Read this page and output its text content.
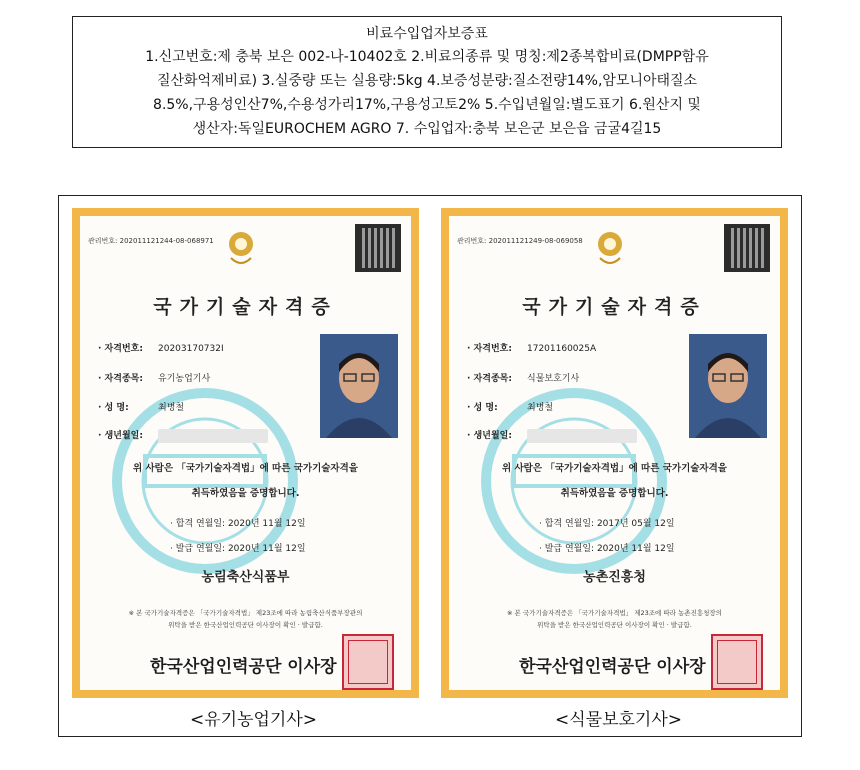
비료수입업자보증표
1.신고번호:제 충북 보은 002-나-10402호 2.비료의종류 및 명칭:제2종복합비료(DMPP함유
질산화억제비료) 3.실중량 또는 실용량:5kg 4.보증성분량:질소전량14%,암모니아태질소
8.5%,구용성인산7%,수용성가리17%,구용성고토2% 5.수입년월일:별도표기 6.원산지 및
생산자:독일EUROCHEM AGRO 7. 수입업자:충북 보은군 보은읍 금굴4길15
관리번호: 202011121244-08-068971
국가기술자격증
· 자격번호: 20203170732I
· 자격종목: 유기농업기사
· 성 명:	최병철
· 생년월일:
위 사람은 「국가기술자격법」에 따른 국가기술자격을
취득하였음을 증명합니다.
· 합격 연월일: 2020년 11월 12일
· 발급 연월일: 2020년 11월 12일
농림축산식품부
※ 본 국가기술자격증은 「국가기술자격법」 제23조에 따라 농림축산식품부장관의
위탁을 받은 한국산업인력공단 이사장이 확인 · 발급함.
한국산업인력공단 이사장
관리번호: 202011121249-08-069058
국가기술자격증
· 자격번호: 17201160025A
· 자격종목: 식물보호기사
· 성 명:	최병철
· 생년월일:
위 사람은 「국가기술자격법」에 따른 국가기술자격을
취득하였음을 증명합니다.
· 합격 연월일: 2017년 05월 12일
· 발급 연월일: 2020년 11월 12일
농촌진흥청
※ 본 국가기술자격증은 「국가기술자격법」 제23조에 따라 농촌진흥청장의
위탁을 받은 한국산업인력공단 이사장이 확인 · 발급함.
한국산업인력공단 이사장
<유기농업기사>	<식물보호기사>
